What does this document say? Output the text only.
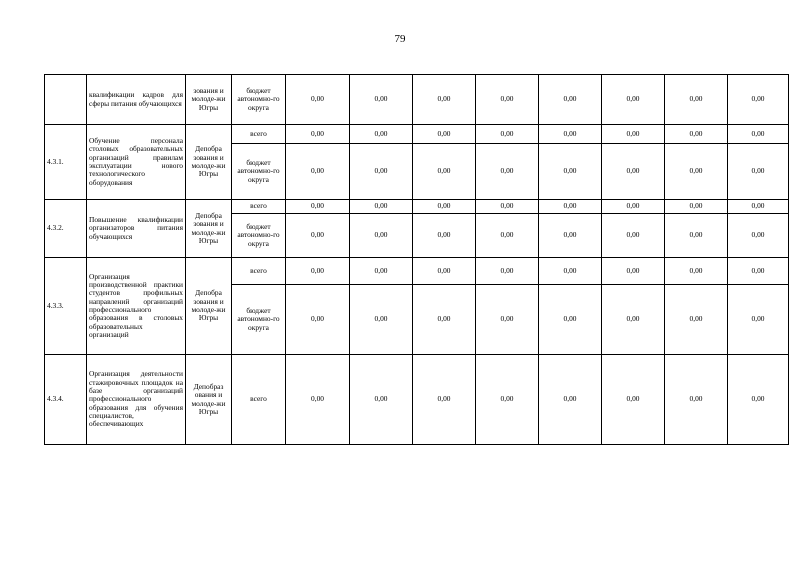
79
	квалификации кадров для сферы питания обучающихся	зования и молоде-жи Югры	бюджет автономно-го округа	0,00	0,00	0,00	0,00	0,00	0,00	0,00	0,00
4.3.1.	Обучение персонала столовых образовательных организаций правилам эксплуатации нового технологического оборудования	Депобра зования и молоде-жи Югры	всего	0,00	0,00	0,00	0,00	0,00	0,00	0,00	0,00
			бюджет автономно-го округа	0,00	0,00	0,00	0,00	0,00	0,00	0,00	0,00
4.3.2.	Повышение квалификации организаторов питания обучающихся	Депобра зования и молоде-жи Югры	всего	0,00	0,00	0,00	0,00	0,00	0,00	0,00	0,00
			бюджет автономно-го округа	0,00	0,00	0,00	0,00	0,00	0,00	0,00	0,00
4.3.3.	Организация производственной практики студентов профильных направлений организаций профессионального образования в столовых образовательных организаций	Депобра зования и молоде-жи Югры	всего	0,00	0,00	0,00	0,00	0,00	0,00	0,00	0,00
			бюджет автономно-го округа	0,00	0,00	0,00	0,00	0,00	0,00	0,00	0,00
4.3.4.	Организация деятельности стажировочных площадок на базе организаций профессионального образования для обучения специалистов, обеспечивающих	Депобраз ования и молоде-жи Югры	всего	0,00	0,00	0,00	0,00	0,00	0,00	0,00	0,00
